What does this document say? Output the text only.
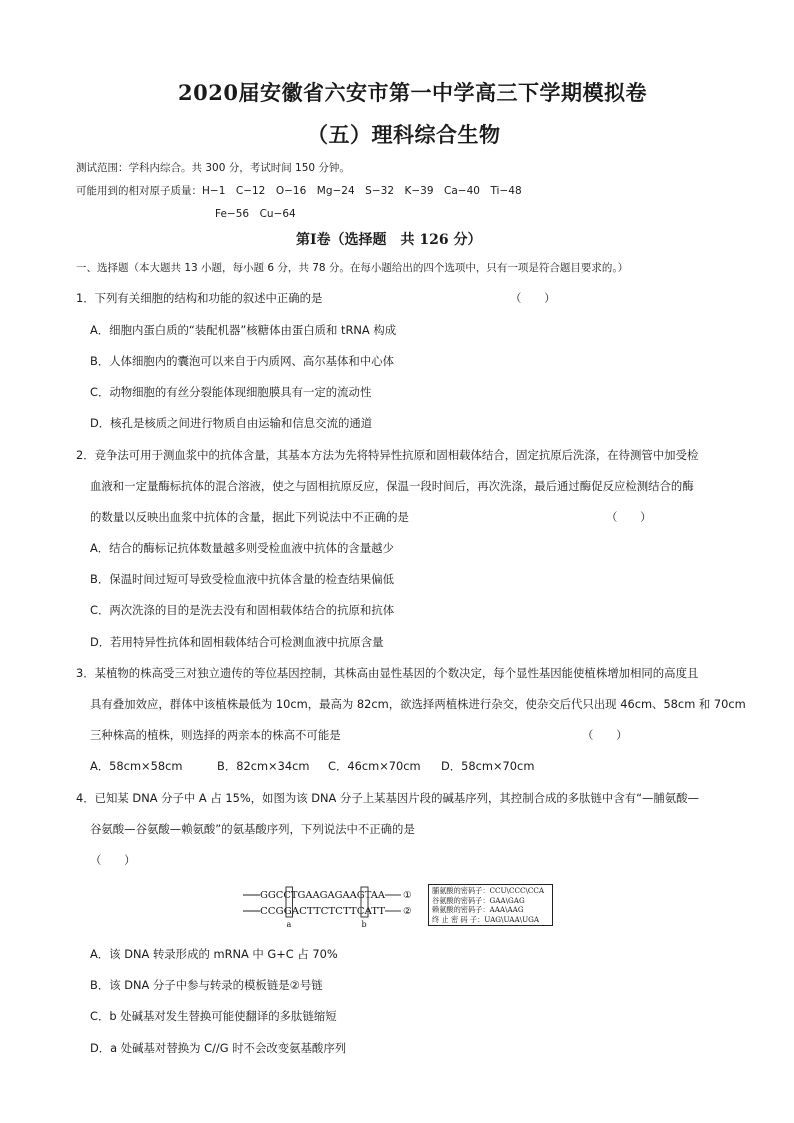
2020届安徽省六安市第一中学高三下学期模拟卷
（五）理科综合生物
测试范围：学科内综合。共 300 分，考试时间 150 分钟。
可能用到的相对原子质量：H−1　C−12　O−16　Mg−24　S−32　K−39　Ca−40　Ti−48
Fe−56　Cu−64
第Ⅰ卷（选择题　共 126 分）
一、选择题（本大题共 13 小题，每小题 6 分，共 78 分。在每小题给出的四个选项中，只有一项是符合题目要求的。）
1．下列有关细胞的结构和功能的叙述中正确的是	（　　）
A．细胞内蛋白质的“装配机器”核糖体由蛋白质和 tRNA 构成
B．人体细胞内的囊泡可以来自于内质网、高尔基体和中心体
C．动物细胞的有丝分裂能体现细胞膜具有一定的流动性
D．核孔是核质之间进行物质自由运输和信息交流的通道
2．竞争法可用于测血浆中的抗体含量，其基本方法为先将特异性抗原和固相载体结合，固定抗原后洗涤，在待测管中加受检
血液和一定量酶标抗体的混合溶液，使之与固相抗原反应，保温一段时间后，再次洗涤，最后通过酶促反应检测结合的酶
的数量以反映出血浆中抗体的含量，据此下列说法中不正确的是	（　　）
A．结合的酶标记抗体数量越多则受检血液中抗体的含量越少
B．保温时间过短可导致受检血液中抗体含量的检查结果偏低
C．两次洗涤的目的是洗去没有和固相载体结合的抗原和抗体
D．若用特异性抗体和固相载体结合可检测血液中抗原含量
3．某植物的株高受三对独立遗传的等位基因控制，其株高由显性基因的个数决定，每个显性基因能使植株增加相同的高度且
具有叠加效应，群体中该植株最低为 10cm，最高为 82cm，欲选择两植株进行杂交，使杂交后代只出现 46cm、58cm 和 70cm
三种株高的植株，则选择的两亲本的株高不可能是	（　　）
A．58cm×58cm	B．82cm×34cm C．46cm×70cm D．58cm×70cm
4．已知某 DNA 分子中 A 占 15%，如图为该 DNA 分子上某基因片段的碱基序列，其控制合成的多肽链中含有“—脯氨酸—
谷氨酸—谷氨酸—赖氨酸”的氨基酸序列，下列说法中不正确的是
（　　）
GGCCTGAAGAGAAGTAA ①
CCGGACTTCTCTTCATT ②
a	b
脯氨酸的密码子：CCU\CCC\CCA
谷氨酸的密码子：GAA\GAG
赖氨酸的密码子：AAA\AAG
终 止 密 码 子：UAG\UAA\UGA
A．该 DNA 转录形成的 mRNA 中 G+C 占 70%
B．该 DNA 分子中参与转录的模板链是②号链
C．b 处碱基对发生替换可能使翻译的多肽链缩短
D．a 处碱基对替换为 C//G 时不会改变氨基酸序列
